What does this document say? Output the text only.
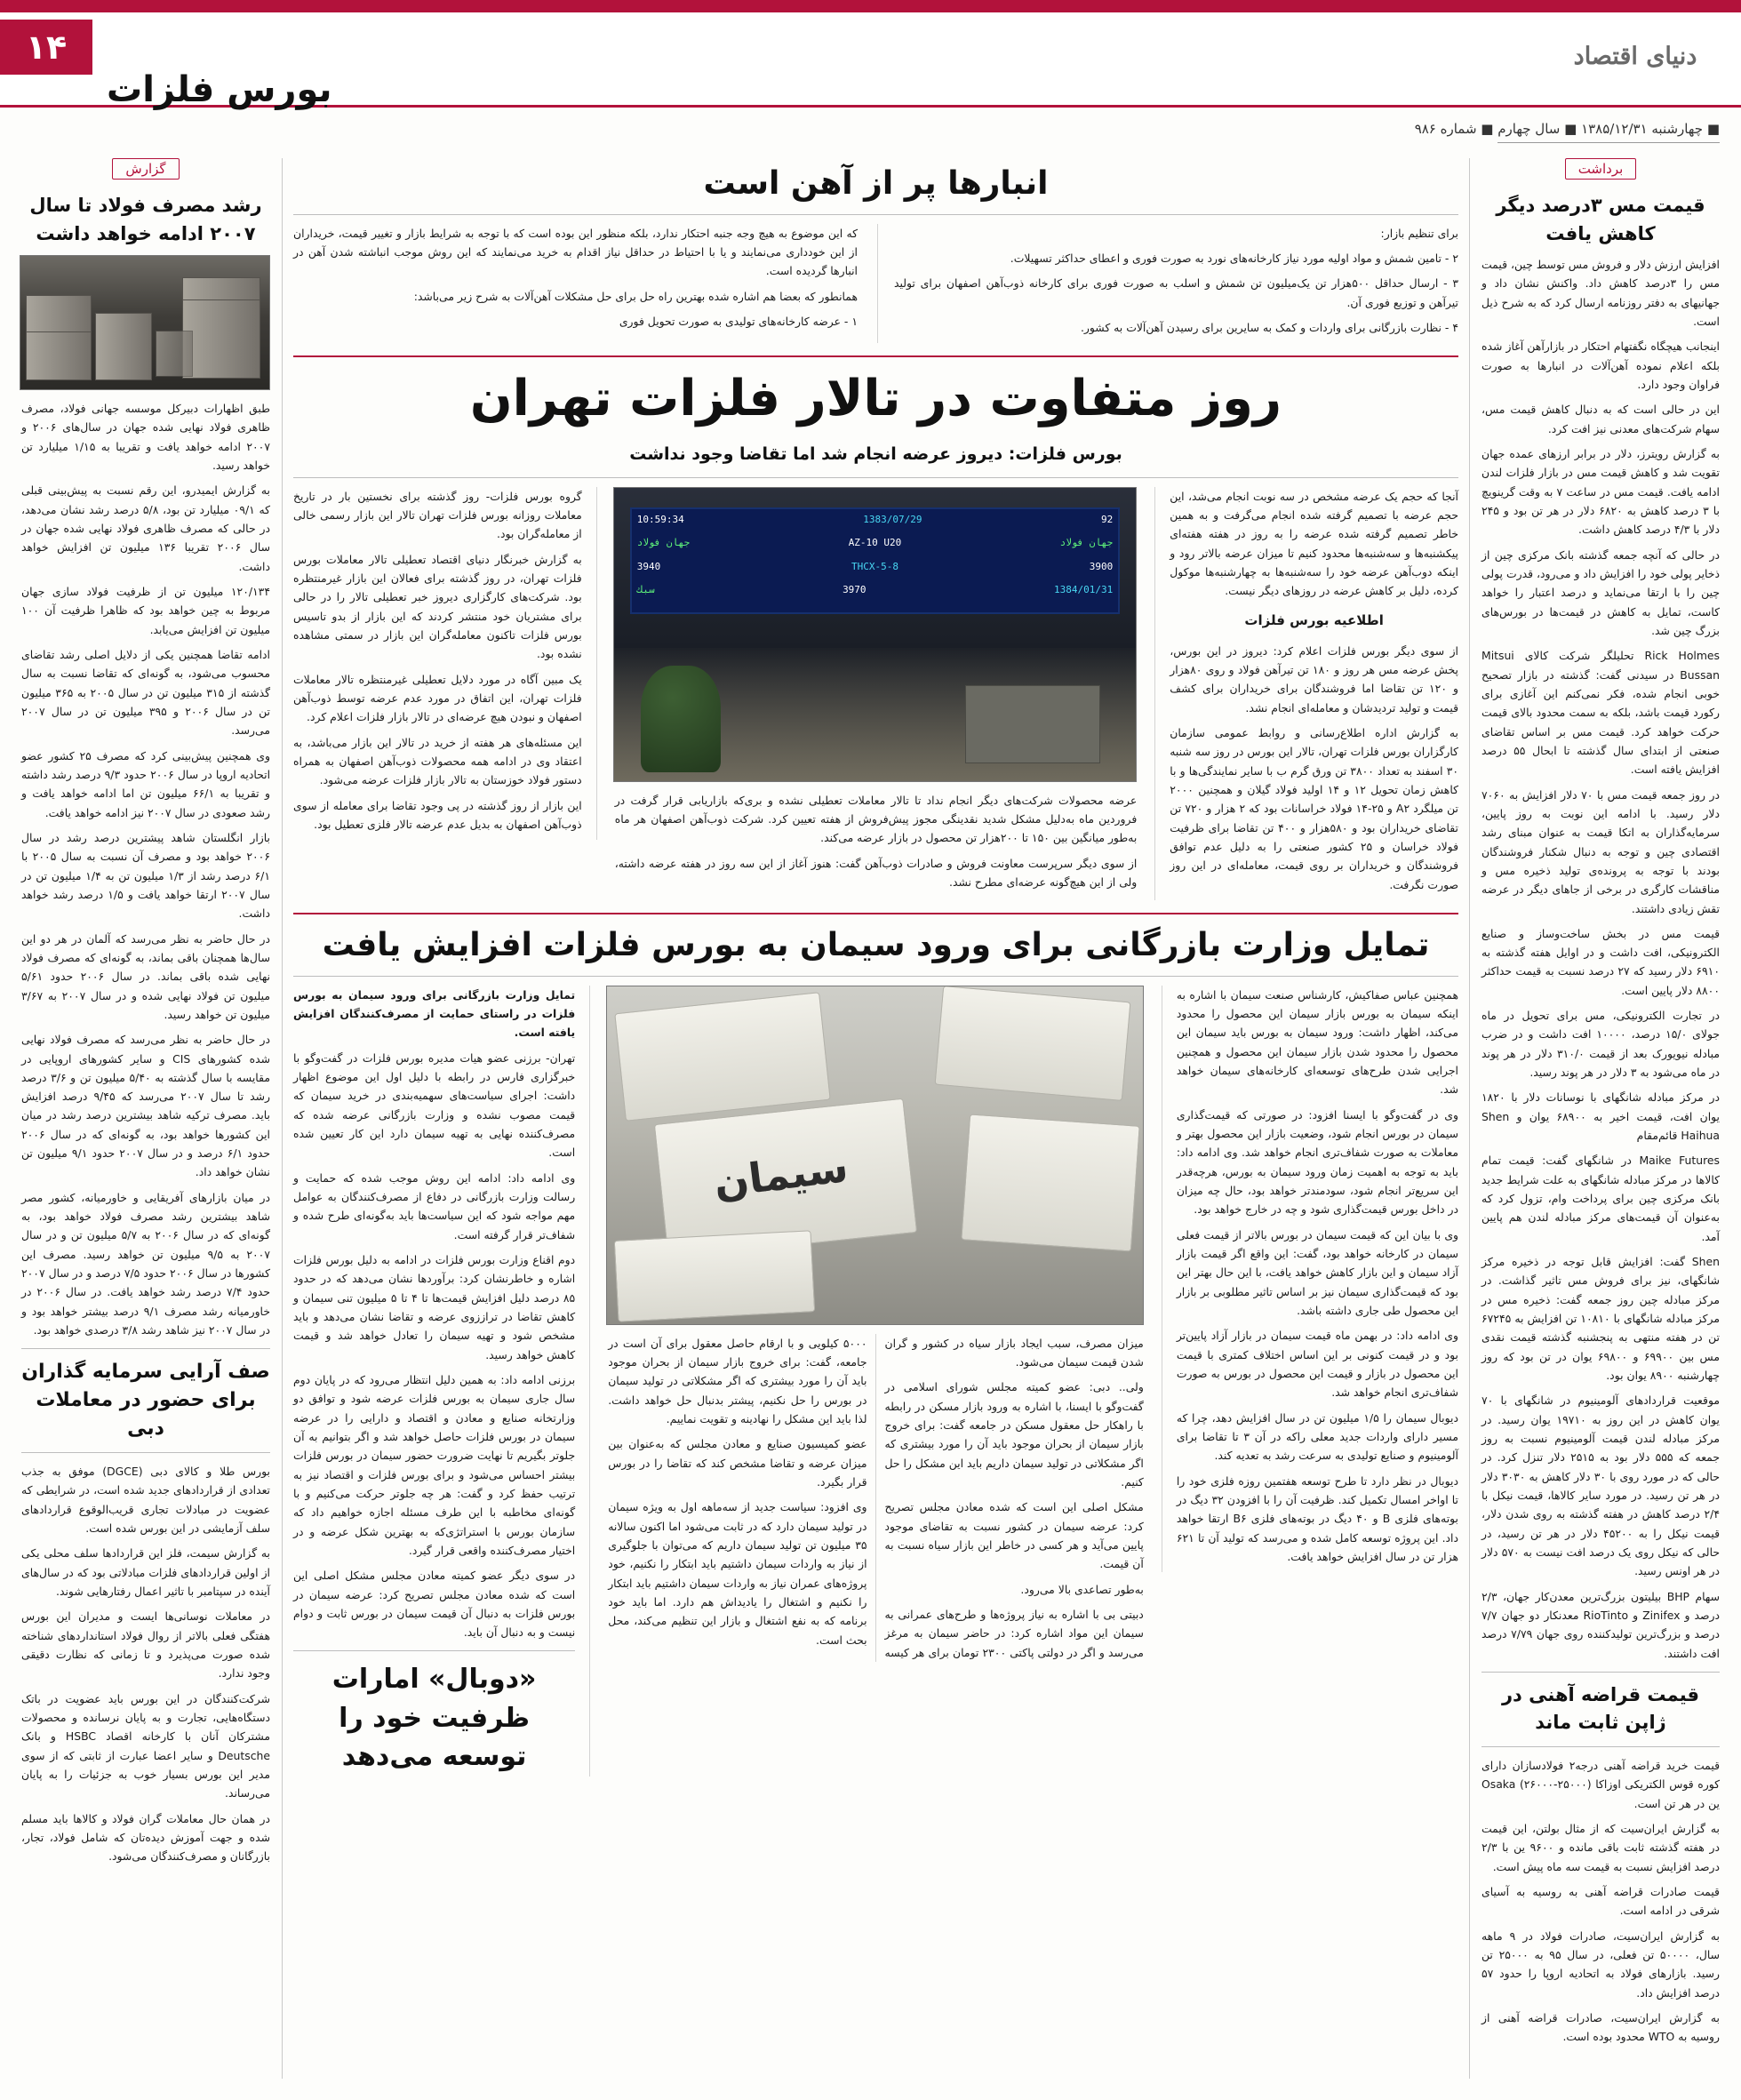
دنیای اقتصاد
۱۴
بورس فلزات
■ چهارشنبه ۱۳۸۵/۱۲/۳۱ ■ سال چهارم ■ شماره ۹۸۶
گزارش
رشد مصرف فولاد تا سال ۲۰۰۷ ادامه خواهد داشت

طبق اظهارات دبیرکل موسسه جهانی فولاد، مصرف ظاهری فولاد نهایی شده جهان در سال‌های ۲۰۰۶ و ۲۰۰۷ ادامه خواهد یافت و تقریبا به ۱/۱۵ میلیارد تن خواهد رسید.

به گزارش ایمیدرو، این رقم نسبت به پیش‌بینی قبلی که ۰۹/۱ میلیارد تن بود، ۵/۸ درصد رشد نشان می‌دهد، در حالی که مصرف ظاهری فولاد نهایی شده جهان در سال ۲۰۰۶ تقریبا ۱۳۶ میلیون تن افزایش خواهد داشت.

۱۲۰/۱۳۴ میلیون تن از ظرفیت فولاد سازی جهان مربوط به چین خواهد بود که ظاهرا ظرفیت آن ۱۰۰ میلیون تن افزایش می‌یابد.

ادامه تقاضا همچنین یکی از دلایل اصلی رشد تقاضای محسوب می‌شود، به گونه‌ای که تقاضا نسبت به سال گذشته از ۳۱۵ میلیون تن در سال ۲۰۰۵ به ۳۶۵ میلیون تن در سال ۲۰۰۶ و ۳۹۵ میلیون تن در سال ۲۰۰۷ می‌رسد.

وی همچنین پیش‌بینی کرد که مصرف ۲۵ کشور عضو اتحادیه اروپا در سال ۲۰۰۶ حدود ۹/۳ درصد رشد داشته و تقریبا به ۶۶/۱ میلیون تن اما ادامه خواهد یافت و رشد صعودی در سال ۲۰۰۷ نیز ادامه خواهد یافت.

بازار انگلستان شاهد پیشترین درصد رشد در سال ۲۰۰۶ خواهد بود و مصرف آن نسبت به سال ۲۰۰۵ با ۶/۱ درصد رشد از ۱/۳ میلیون تن به ۱/۴ میلیون تن در سال ۲۰۰۷ ارتقا خواهد یافت و ۱/۵ درصد رشد خواهد داشت.

در حال حاضر به نظر می‌رسد که آلمان در هر دو این سال‌ها همچنان باقی بماند، به گونه‌ای که مصرف فولاد نهایی شده باقی بماند. در سال ۲۰۰۶ حدود ۵/۶۱ میلیون تن فولاد نهایی شده و در سال ۲۰۰۷ به ۳/۶۷ میلیون تن خواهد رسید.

در حال حاضر به نظر می‌رسد که مصرف فولاد نهایی شده کشورهای CIS و سایر کشورهای اروپایی در مقایسه با سال گذشته به ۵/۴۰ میلیون تن و ۳/۶ درصد رشد تا سال ۲۰۰۷ می‌رسد که ۹/۴۵ درصد افزایش باید. مصرف ترکیه شاهد بیشترین درصد رشد در میان این کشورها خواهد بود، به گونه‌ای که در سال ۲۰۰۶ حدود ۶/۱ درصد و در سال ۲۰۰۷ حدود ۹/۱ میلیون تن نشان خواهد داد.

در میان بازارهای آفریقایی و خاورمیانه، کشور مصر شاهد بیشترین رشد مصرف فولاد خواهد بود، به گونه‌ای که در سال ۲۰۰۶ به ۵/۷ میلیون تن و در سال ۲۰۰۷ به ۹/۵ میلیون تن خواهد رسید. مصرف این کشورها در سال ۲۰۰۶ حدود ۷/۵ درصد و در سال ۲۰۰۷ حدود ۷/۴ درصد رشد خواهد یافت. در سال ۲۰۰۶ در خاورمیانه رشد مصرف ۹/۱ درصد بیشتر خواهد بود و در سال ۲۰۰۷ نیز شاهد رشد ۳/۸ درصدی خواهد بود.

صف آرایی سرمایه گذاران برای حضور در معاملات دبی

بورس طلا و کالای دبی (DGCE) موفق به جذب تعدادی از قراردادهای جدید شده است، در شرایطی که عضویت در مبادلات تجاری قریب‌الوقوع قراردادهای سلف آزمایشی در این بورس شده است.

به گزارش سیمت، فلز این قراردادها سلف محلی یکی از اولین قراردادهای فلزات مبادلاتی بود که در سال‌های آینده در سپتامبر با تاثیر اعمال رفتارهایی شوند.

در معاملات نوسانی‌ها ایست و مدیران این بورس هفتگی فعلی بالاتر از روال فولاد استانداردهای شناخته شده صورت می‌پذیرد و تا زمانی که نظارت دقیقی وجود ندارد.

شرکت‌کنندگان در این بورس باید عضویت در باتک دستگاه‌هایی، تجارت و به پایان نرسانده و محصولات مشترکان آنان با کارخانه اقصاد HSBC و بانک Deutsche و سایر اعضا عبارت از ثابتی که از سوی مدیر این بورس بسیار خوب به جزئیات را به پایان می‌رساند.

در همان حال معاملات گران فولاد و کالاها باید مسلم شده و جهت آموزش دیده‌تان که شامل فولاد، تجار، بازرگانان و مصرف‌کنندگان می‌شود.

برداشت
قیمت مس ۳درصد دیگر کاهش یافت

افزایش ارزش دلار و فروش مس توسط چین، قیمت مس را ۳درصد کاهش داد. واکنش نشان داد و جهانیهای به دفتر روزنامه ارسال کرد که به شرح ذیل است.

اینجانب هیچگاه نگفتهام احتکار در بازارآهن آغاز شده بلکه اعلام نموده آهن‌آلات در انبارها به صورت فراوان وجود دارد.

این در حالی است که به دنبال کاهش قیمت مس، سهام شرکت‌های معدنی نیز افت کرد.

به گزارش رویترز، دلار در برابر ارزهای عمده جهان تقویت شد و کاهش قیمت مس در بازار فلزات لندن ادامه یافت. قیمت مس در ساعت ۷ به وقت گرینویچ با ۳ درصد کاهش به ۶۸۲۰ دلار در هر تن بود و ۲۴۵ دلار با ۴/۳ درصد کاهش داشت.

در حالی که آنچه جمعه گذشته بانک مرکزی چین از ذخایر پولی خود را افزایش داد و می‌رود، قدرت پولی چین را با ارتقا می‌نماید و درصد اعتبار را خواهد کاست، تمایل به کاهش در قیمت‌ها در بورس‌های بزرگ چین شد.

Rick Holmes تحلیلگر شرکت کالای Mitsui Bussan در سیدنی گفت: گذشته در بازار تصحیح خوبی انجام شده، فکر نمی‌کنم این آغازی برای رکورد قیمت باشد، بلکه به سمت محدود بالای قیمت حرکت خواهد کرد. قیمت مس بر اساس تقاضای صنعتی از ابتدای سال گذشته تا ابحال ۵۵ درصد افزایش یافته است.

در روز جمعه قیمت مس با ۷۰ دلار افزایش به ۷۰۶۰ دلار رسید. با ادامه این نوبت به روز پایین، سرمایه‌گذاران به اتکا قیمت به عنوان مبنای رشد اقتصادی چین و توجه به دنبال شکنار فروشندگان بودند با توجه به پرونده‌ی تولید ذخیره مس و مناقشات کارگری در برخی از جاهای دیگر در عرضه تقش زیادی داشتند.

قیمت مس در بخش ساخت‌وساز و صنایع الکترونیکی، افت داشت و در اوایل هفته گذشته به ۶۹۱۰ دلار رسید که ۲۷ درصد نسبت به قیمت حداکثر ۸۸۰۰ دلار پایین است.

در تجارت الکترونیکی، مس برای تحویل در ماه جولای ۱۵/۰ درصد، ۱۰۰۰۰ افت داشت و در ضرب مبادله نیویورک بعد از قیمت ۳۱۰/۰ دلار در هر پوند در ماه می‌شود به ۳ دلار در هر پوند رسید.

در مرکز مبادله شانگهای با نوسانات دلار با ۱۸۲۰ یوان افت، قیمت اخیر به ۶۸۹۰۰ یوان و Shen Haihua قائم‌مقام

Maike Futures در شانگهای گفت: قیمت تمام کالاها در مرکز مبادله شانگهای به علت شرایط جدید بانک مرکزی چین برای پرداخت وام، تزول کرد که به‌عنوان آن قیمت‌های مرکز مبادله لندن هم پایین آمد.

Shen گفت: افزایش قابل توجه در ذخیره مرکز شانگهای، نیز برای فروش مس تاثیر گذاشت. در مرکز مبادله چین روز جمعه گفت: ذخیره مس در مرکز مبادله شانگهای با ۱۰۸۱۰ تن افزایش به ۶۷۲۴۵ تن در هفته منتهی به پنجشنبه گذشته قیمت نقدی مس بین ۶۹۹۰۰ و ۶۹۸۰۰ یوان در تن بود که روز چهارشنبه ۸۹۰۰ یوان بود.

موقعیت قراردادهای آلومینیوم در شانگهای با ۷۰ یوان کاهش در این روز به ۱۹۷۱۰ یوان رسید. در مرکز مبادله لندن قیمت آلومینیوم نسبت به روز جمعه که ۵۵۵ دلار بود به ۲۵۱۵ دلار تنزل کرد. در حالی که در مورد روی با ۳۰ دلار کاهش به ۳۰۳۰ دلار در هر تن رسید. در مورد سایر کالاها، قیمت نیکل با ۲/۴ درصد کاهش در هفته گذشته به روی شدن دلار، قیمت نیکل را به ۴۵۲۰۰ دلار در هر تن رسید، در حالی که نیکل روی یک درصد افت نیست به ۵۷۰ دلار در هر اونس رسید.

سهام BHP بیلیتون بزرگ‌ترین معدن‌کار جهان، ۲/۳ درصد و Zinifex و RioTinto معدنکار دو جهان ۷/۷ درصد و بزرگ‌ترین تولیدکننده روی جهان ۷/۷۹ درصد افت داشتند.

قیمت قراضه آهنی در ژاپن ثابت ماند

قیمت خرید قراضه آهنی درجه۲ فولادسازان دارای کوره قوس الکتریکی اوزاکا Osaka (۲۶۰۰۰-۲۵۰۰۰) ین در هر تن است.

به گزارش ایران‌سیت که از مثال بولتن، این قیمت در هفته گذشته ثابت باقی مانده و ۹۶۰۰ ین با ۲/۳ درصد افزایش نسبت به قیمت سه ماه پیش است.

قیمت صادرات قراضه آهنی به روسیه به آسیای شرقی در ادامه است.

به گزارش ایران‌سیت، صادرات فولاد در ۹ ماهه سال، ۵۰۰۰۰ تن فعلی، در سال ۹۵ به ۲۵۰۰۰ تن رسید. بازارهای فولاد به اتحادیه اروپا را حدود ۵۷ درصد افزایش داد.

به گزارش ایران‌سیت، صادرات قراضه آهنی از روسیه به WTO محدود بوده است.

انبارها پر از آهن است

برای تنظیم بازار:

۲ - تامین شمش و مواد اولیه مورد نیاز کارخانه‌های نورد به صورت فوری و اعطای حداکثر تسهیلات.

۳ - ارسال حداقل ۵۰۰هزار تن یک‌میلیون تن شمش و اسلب به صورت فوری برای کارخانه ذوب‌آهن اصفهان برای تولید تیرآهن و توزیع فوری آن.

۴ - نظارت بازرگانی برای واردات و کمک به سایرین برای رسیدن آهن‌آلات به کشور.

که این موضوع به هیچ وجه جنبه احتکار ندارد، بلکه منظور این بوده است که با توجه به شرایط بازار و تغییر قیمت، خریداران از این خودداری می‌نمایند و یا با احتیاط در حداقل نیاز اقدام به خرید می‌نمایند که این روش موجب انباشته شدن آهن در انبارها گردیده است.

همانطور که بعضا هم اشاره شده بهترین راه حل برای حل مشکلات آهن‌آلات به شرح زیر می‌باشد:

۱ - عرضه کارخانه‌های تولیدی به صورت تحویل فوری

روز متفاوت در تالار فلزات تهران
بورس فلزات: دیروز عرضه انجام شد اما تقاضا وجود نداشت

آنجا که حجم یک عرضه مشخص در سه نوبت انجام می‌شد، این حجم عرضه با تصمیم گرفته شده انجام می‌گرفت و به همین خاطر تصمیم گرفته شده عرضه را به روز در هفته هفته‌ای پیکشنبه‌ها و سه‌شنبه‌ها محدود کنیم تا میزان عرضه بالاتر رود و اینکه دوب‌آهن عرضه خود را سه‌شنبه‌ها به چهارشنبه‌ها موکول کرده، دلیل بر کاهش عرضه در روزهای دیگر نیست.

اطلاعیه بورس فلزات

از سوی دیگر بورس فلزات اعلام کرد: دیروز در این بورس، پخش عرضه مس هر روز و ۱۸۰ تن تیرآهن فولاد و روی ۸۰هزار و ۱۲۰ تن تقاضا اما فروشندگان برای خریداران برای کشف قیمت و تولید تردیدشان و معامله‌ای انجام نشد.

به گزارش اداره اطلاع‌رسانی و روابط عمومی سازمان کارگزاران بورس فلزات تهران، تالار این بورس در روز سه شنبه ۳۰ اسفند به تعداد ۳۸۰۰ تن ورق گرم ب با سایر نمایندگی‌ها و با کاهش زمان تحویل ۱۲ و ۱۴ اولید فولاد گیلان و همچنین ۲۰۰۰ تن میلگرد A۲ و ۲۵-۱۴ فولاد خراسانات بود که ۲ هزار و ۷۲۰ تن تقاضای خریداران بود و ۵۸۰هزار و ۴۰۰ تن تقاضا برای ظرفیت فولاد خراسان و ۲۵ کشور صنعتی را به دلیل عدم توافق فروشندگان و خریداران بر روی قیمت، معامله‌ای در این روز صورت نگرفت.

92
1383/07/29
10:59:34
جهان فولاد
AZ-10 U20
جهان فولاد
3900
THCX-5-8
3940
1384/01/31
3970
سبك

عرضه محصولات شرکت‌های دیگر انجام نداد تا تالار معاملات تعطیلی نشده و بری‌که بازاریابی قرار گرفت در فروردین ماه به‌دلیل مشکل شدید نقدینگی مجوز پیش‌فروش از هفته تعیین کرد. شرکت ذوب‌آهن اصفهان هر ماه به‌طور میانگین بین ۱۵۰ تا ۲۰۰هزار تن محصول در بازار عرضه می‌کند.

از سوی دیگر سرپرست معاونت فروش و صادرات ذوب‌آهن گفت: هنوز آغاز از این سه روز در هفته عرضه داشته، ولی از این هیچ‌گونه عرضه‌ای مطرح نشد.

گروه بورس فلزات- روز گذشته برای نخستین بار در تاریخ معاملات روزانه بورس فلزات تهران تالار این بازار رسمی خالی از معامله‌گران بود.

به گزارش خبرنگار دنیای اقتصاد تعطیلی تالار معاملات بورس فلزات تهران، در روز گذشته برای فعالان این بازار غیرمنتظره بود. شرکت‌های کارگزاری دیروز خبر تعطیلی تالار را در حالی برای مشتریان خود منتشر کردند که این بازار از بدو تاسیس بورس فلزات تاکنون معامله‌گران این بازار در سمتی مشاهده نشده بود.

یک مبین آگاه در مورد دلایل تعطیلی غیرمنتظره تالار معاملات فلزات تهران، این اتفاق در مورد عدم عرضه توسط ذوب‌آهن اصفهان و نبودن هیچ عرضه‌ای در تالار بازار فلزات اعلام کرد.

این مسئله‌های هر هفته از خرید در تالار این بازار می‌باشد، به اعتقاد وی در ادامه همه محصولات ذوب‌آهن اصفهان به همراه دستور فولاد خوزستان به تالار بازار فلزات عرضه می‌شود.

این بازار از روز گذشته در پی وجود تقاضا برای معامله از سوی ذوب‌آهن اصفهان به بدیل عدم عرضه تالار فلزی تعطیل بود.

تمایل وزارت بازرگانی برای ورود سیمان به بورس فلزات افزایش یافت

همچنین عباس صفاکیش، کارشناس صنعت سیمان با اشاره به اینکه سیمان به بورس بازار سیمان این محصول را محدود می‌کند، اظهار داشت: ورود سیمان به بورس باید سیمان این محصول را محدود شدن بازار سیمان این محصول و همچنین اجرایی شدن طرح‌های توسعه‌ای کارخانه‌های سیمان خواهد شد.

وی در گفت‌وگو با ایسنا افزود: در صورتی که قیمت‌گذاری سیمان در بورس انجام شود، وضعیت بازار این محصول بهتر و معاملات به صورت شفاف‌تری انجام خواهد شد. وی ادامه داد: باید به توجه به اهمیت زمان ورود سیمان به بورس، هرچه‌قدر این سریع‌تر انجام شود، سودمندتر خواهد بود، حال چه میزان در داخل بورس قیمت‌گذاری شود و چه در خارج خواهد بود.

وی با بیان این که قیمت سیمان در بورس بالاتر از قیمت فعلی سیمان در کارخانه خواهد بود، گفت: این واقع اگر قیمت بازار آزاد سیمان و این بازار کاهش خواهد یافت، با این حال بهتر این بود که قیمت‌گذاری سیمان نیز بر اساس تاثیر مطلوبی بر بازار این محصول طی جاری داشته باشد.

وی ادامه داد: در بهمن ماه قیمت سیمان در بازار آزاد پایین‌تر بود و در قیمت کنونی بر این اساس اختلاف کمتری با قیمت این محصول در بازار و قیمت این محصول در بورس به صورت شفاف‌تری انجام خواهد شد.

دیوبال سیمان را ۱/۵ میلیون تن در سال افزایش دهد، چرا که مسیر دارای واردات جدید معلی راکه در آن ۳ تا تقاضا برای آلومینیوم و صنایع تولیدی به سرعت رشد به تعدیه کند.

دیوبال در نظر دارد تا طرح توسعه هفتمین روزه فلزی خود را تا اواخر امسال تکمیل کند. ظرفیت آن را با افزودن ۳۲ دیگ در بوته‌های فلزی B و ۴۰ دیگ در بوته‌های فلزی B۶ ارتقا خواهد داد. این پروژه توسعه کامل شده و می‌رسد که تولید آن تا ۶۲۱ هزار تن در سال افزایش خواهد یافت.

سیمان

میزان مصرف، سبب ایجاد بازار سیاه در کشور و گران شدن قیمت سیمان می‌شود.

ولی.. دبی: عضو کمیته مجلس شورای اسلامی در گفت‌وگو با ایسنا، با اشاره به ورود بازار مسکن در رابطه با راهکار حل معقول مسکن در جامعه گفت: برای خروج بازار سیمان از بحران موجود باید آن را مورد بیشتری که اگر مشکلاتی در تولید سیمان داریم باید این مشکل را حل کنیم.

مشکل اصلی این است که شده معادن مجلس تصریح کرد: عرضه سیمان در کشور نسبت به تقاضای موجود پایین می‌آید و هر کسی در خاطر این بازار سیاه نسبت به آن قیمت.

به‌طور تصاعدی بالا می‌رود.

دبیتی بی با اشاره به نیاز پروژه‌ها و طرح‌های عمرانی به سیمان این مواد اشاره کرد: در حاضر سیمان به مرغز می‌رسد و اگر در دولتی پاکتی ۲۳۰۰ تومان برای هر کیسه ۵۰۰۰ کیلویی و با ارقام حاصل معقول برای آن است در جامعه، گفت: برای خروج بازار سیمان از بحران موجود باید آن را مورد بیشتری که اگر مشکلاتی در تولید سیمان در بورس را حل نکنیم، پیشتر بدنبال حل خواهد داشت. لذا باید این مشکل را نهادینه و تقویت نماییم.

عضو کمیسیون صنایع و معادن مجلس که به‌عنوان بین میزان عرضه و تقاضا مشخص کند که تقاضا را در بورس قرار بگیرد.

وی افزود: سیاست جدید از سه‌ماهه اول به ویژه سیمان در تولید سیمان دارد که در ثابت می‌شود اما اکنون سالانه ۳۵ میلیون تن تولید سیمان داریم که می‌توان با جلوگیری از نیاز به واردات سیمان داشتیم باید ابتکار را نکنیم، خود پروژه‌های عمران نیاز به واردات سیمان داشتیم باید ابتکار را نکنیم و اشتغال را یادیداش هم دارد. اما باید خود برنامه که به نفع اشتغال و بازار این تنظیم می‌کند، محل بحث است.

تمایل وزارت بازرگانی برای ورود سیمان به بورس فلزات در راستای حمایت از مصرف‌کنندگان افزایش یافته است.

تهران- برزنی عضو هیات مدیره بورس فلزات در گفت‌وگو با خبرگزاری فارس در رابطه با دلیل اول این موضوع اظهار داشت: اجرای سیاست‌های سهمیه‌بندی در خرید سیمان که قیمت مصوب نشده و وزارت بازرگانی عرضه شده که مصرف‌کننده نهایی به تهیه سیمان دارد این کار تعیین شده است.

وی ادامه داد: ادامه این روش موجب شده که حمایت و رسالت وزارت بازرگانی در دفاع از مصرف‌کنندگان به عوامل مهم مواجه شود که این سیاست‌ها باید به‌گونه‌ای طرح شده و شفاف‌تر قرار گرفته است.

دوم اقناع وزارت بورس فلزات در ادامه به دلیل بورس فلزات اشاره و خاطرنشان کرد: برآوردها نشان می‌دهد که در حدود ۸۵ درصد دلیل افزایش قیمت‌ها تا ۴ تا ۵ میلیون تنی سیمان و کاهش تقاضا در تراززوی عرضه و تقاضا نشان می‌دهد و باید مشخص شود و تهیه سیمان را تعادل خواهد شد و قیمت کاهش خواهد رسید.

برزنی ادامه داد: به همین دلیل انتظار می‌رود که در پایان دوم سال جاری سیمان به بورس فلزات عرضه شود و توافق دو وزارتخانه صنایع و معادن و اقتصاد و دارایی را در عرضه سیمان در بورس فلزات حاصل خواهد شد و اگر بتوانیم به آن جلوتر بگیریم تا نهایت ضرورت حضور سیمان در بورس فلزات بیشتر احساس می‌شود و برای بورس فلزات و اقتصاد نیز به ترتیب حفظ کرد و گفت: هر چه جلوتر حرکت می‌کنیم و با گونه‌ای مخاطبه با این طرف مسئله اجازه خواهیم داد که سازمان بورس با استراتژی‌که به بهترین شکل عرضه و در اختیار مصرف‌کننده واقعی قرار گیرد.

در سوی دیگر عضو کمیته معادن مجلس مشکل اصلی این است که شده معادن مجلس تصریح کرد: عرضه سیمان در بورس فلزات به دنبال آن قیمت سیمان در بورس ثابت و دوام نیست و به دنبال آن باید.

«دوبال» امارات ظرفیت خود را توسعه می‌دهد
